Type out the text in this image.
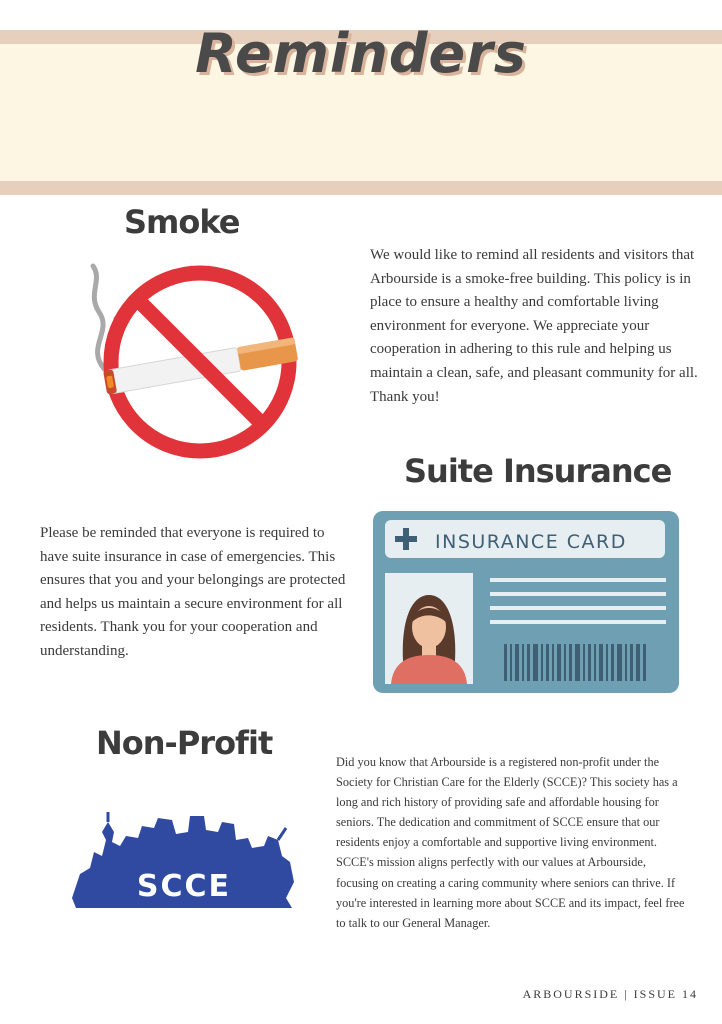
Reminders
Smoke
We would like to remind all residents and visitors that Arbourside is a smoke-free building. This policy is in place to ensure a healthy and comfortable living environment for everyone. We appreciate your cooperation in adhering to this rule and helping us maintain a clean, safe, and pleasant community for all. Thank you!
Suite Insurance
Please be reminded that everyone is required to have suite insurance in case of emergencies. This ensures that you and your belongings are protected and helps us maintain a secure environment for all residents. Thank you for your cooperation and understanding.
INSURANCE CARD
Non-Profit
SCCE
Did you know that Arbourside is a registered non-profit under the Society for Christian Care for the Elderly (SCCE)? This society has a long and rich history of providing safe and affordable housing for seniors. The dedication and commitment of SCCE ensure that our residents enjoy a comfortable and supportive living environment. SCCE's mission aligns perfectly with our values at Arbourside, focusing on creating a caring community where seniors can thrive. If you're interested in learning more about SCCE and its impact, feel free to talk to our General Manager.
ARBOURSIDE | ISSUE 14
